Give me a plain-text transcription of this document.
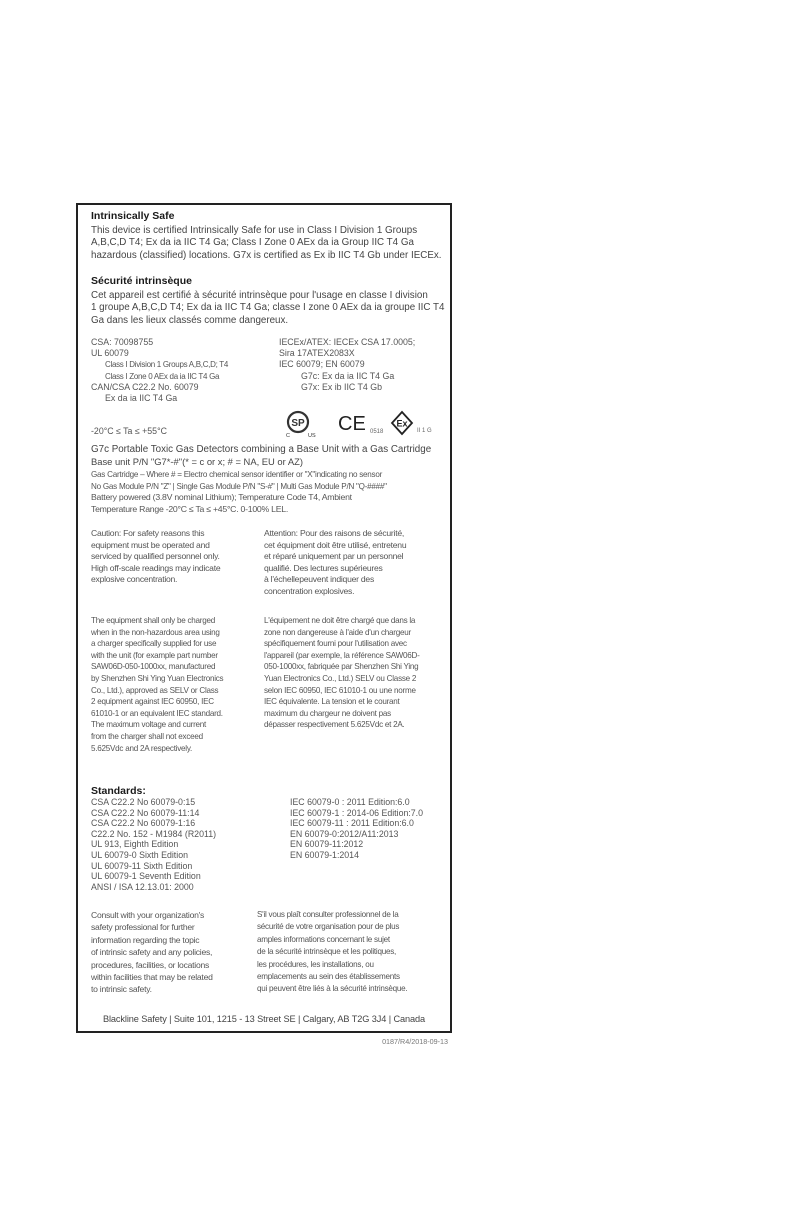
Intrinsically Safe
This device is certified Intrinsically Safe for use in Class I Division 1 Groups
A,B,C,D T4; Ex da ia IIC T4 Ga; Class I Zone 0 AEx da ia Group IIC T4 Ga
hazardous (classified) locations. G7x is certified as Ex ib IIC T4 Gb under IECEx.
Sécurité intrinsèque
Cet appareil est certifié à sécurité intrinsèque pour l'usage en classe I division
1 groupe A,B,C,D T4; Ex da ia IIC T4 Ga; classe I zone 0 AEx da ia groupe IIC T4
Ga dans les lieux classés comme dangereux.
CSA: 70098755
UL 60079
Class I Division 1 Groups A,B,C,D; T4
Class I Zone 0 AEx da ia IIC T4 Ga
CAN/CSA C22.2 No. 60079
Ex da ia IIC T4 Ga
IECEx/ATEX: IECEx CSA 17.0005;
Sira 17ATEX2083X
IEC 60079; EN 60079
G7c: Ex da ia IIC T4 Ga
G7x: Ex ib IIC T4 Gb
-20°C ≤ Ta ≤ +55°C
SP
C	US
CE 0518
Ex
II 1 G
G7c Portable Toxic Gas Detectors combining a Base Unit with a Gas Cartridge
Base unit P/N "G7*-#"(* = c or x; # = NA, EU or AZ)
Gas Cartridge – Where # = Electro chemical sensor identifier or "X"indicating no sensor
No Gas Module P/N "Z" | Single Gas Module P/N "S-#" | Multi Gas Module P/N "Q-####"
Battery powered (3.8V nominal Lithium); Temperature Code T4, Ambient
Temperature Range -20°C ≤ Ta ≤ +45°C. 0-100% LEL.
Caution: For safety reasons this
equipment must be operated and
serviced by qualified personnel only.
High off-scale readings may indicate
explosive concentration.
Attention: Pour des raisons de sécurité,
cet équipment doit être utilisé, entretenu
et réparé uniquement par un personnel
qualifié. Des lectures supérieures
à l'échellepeuvent indiquer des
concentration explosives.
The equipment shall only be charged
when in the non-hazardous area using
a charger specifically supplied for use
with the unit (for example part number
SAW06D-050-1000xx, manufactured
by Shenzhen Shi Ying Yuan Electronics
Co., Ltd.), approved as SELV or Class
2 equipment against IEC 60950, IEC
61010-1 or an equivalent IEC standard.
The maximum voltage and current
from the charger shall not exceed
5.625Vdc and 2A respectively.
L'équipement ne doit être chargé que dans la
zone non dangereuse à l'aide d'un chargeur
spécifiquement fourni pour l'utilisation avec
l'appareil (par exemple, la référence SAW06D-
050-1000xx, fabriquée par Shenzhen Shi Ying
Yuan Electronics Co., Ltd.) SELV ou Classe 2
selon IEC 60950, IEC 61010-1 ou une norme
IEC équivalente. La tension et le courant
maximum du chargeur ne doivent pas
dépasser respectivement 5.625Vdc et 2A.
Standards:
CSA C22.2 No 60079-0:15
CSA C22.2 No 60079-11:14
CSA C22.2 No 60079-1:16
C22.2 No. 152 - M1984 (R2011)
UL 913, Eighth Edition
UL 60079-0 Sixth Edition
UL 60079-11 Sixth Edition
UL 60079-1 Seventh Edition
ANSI / ISA 12.13.01: 2000
IEC 60079-0 : 2011 Edition:6.0
IEC 60079-1 : 2014-06 Edition:7.0
IEC 60079-11 : 2011 Edition:6.0
EN 60079-0:2012/A11:2013
EN 60079-11:2012
EN 60079-1:2014
Consult with your organization's
safety professional for further
information regarding the topic
of intrinsic safety and any policies,
procedures, facilities, or locations
within facilities that may be related
to intrinsic safety.
S'il vous plaît consulter professionnel de la
sécurité de votre organisation pour de plus
amples informations concernant le sujet
de la sécurité intrinsèque et les politiques,
les procédures, les installations, ou
emplacements au sein des établissements
qui peuvent être liés à la sécurité intrinsèque.
Blackline Safety | Suite 101, 1215 - 13 Street SE | Calgary, AB T2G 3J4 | Canada
0187/R4/2018-09-13
